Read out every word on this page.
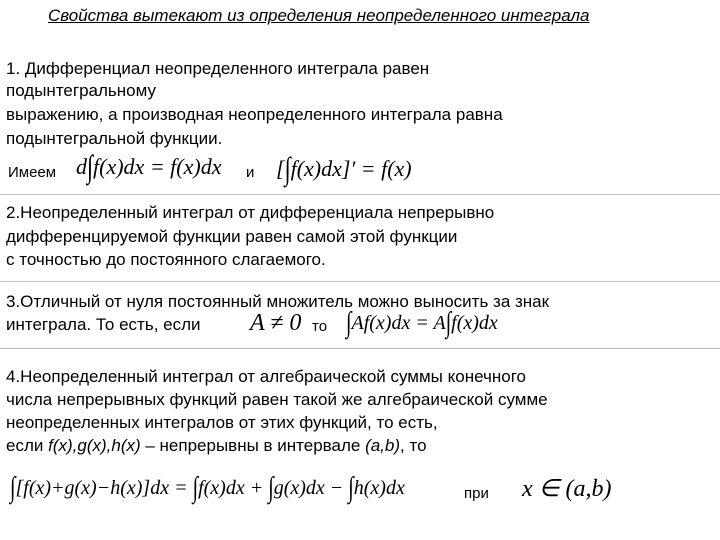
Свойства вытекают из определения неопределенного интеграла
1. Дифференциал неопределенного интеграла равен
подынтегральному
выражению, а производная неопределенного интеграла равна
подынтегральной функции.
Имеем d∫f(x)dx = f(x)dx и [∫f(x)dx]′ = f(x)
2.Неопределенный интеграл от дифференциала непрерывно
дифференцируемой функции равен самой этой функции
с точностью до постоянного слагаемого.
3.Отличный от нуля постоянный множитель можно выносить за знак
интеграла. То есть, если A ≠ 0 то ∫Af(x)dx = A∫f(x)dx
4.Неопределенный интеграл от алгебраической суммы конечного
числа непрерывных функций равен такой же алгебраической сумме
неопределенных интегралов от этих функций, то есть,
если f(x),g(x),h(x) – непрерывны в интервале (a,b), то
∫[f(x)+g(x)−h(x)]dx = ∫f(x)dx + ∫g(x)dx − ∫h(x)dx	при x ∈ (a,b)
